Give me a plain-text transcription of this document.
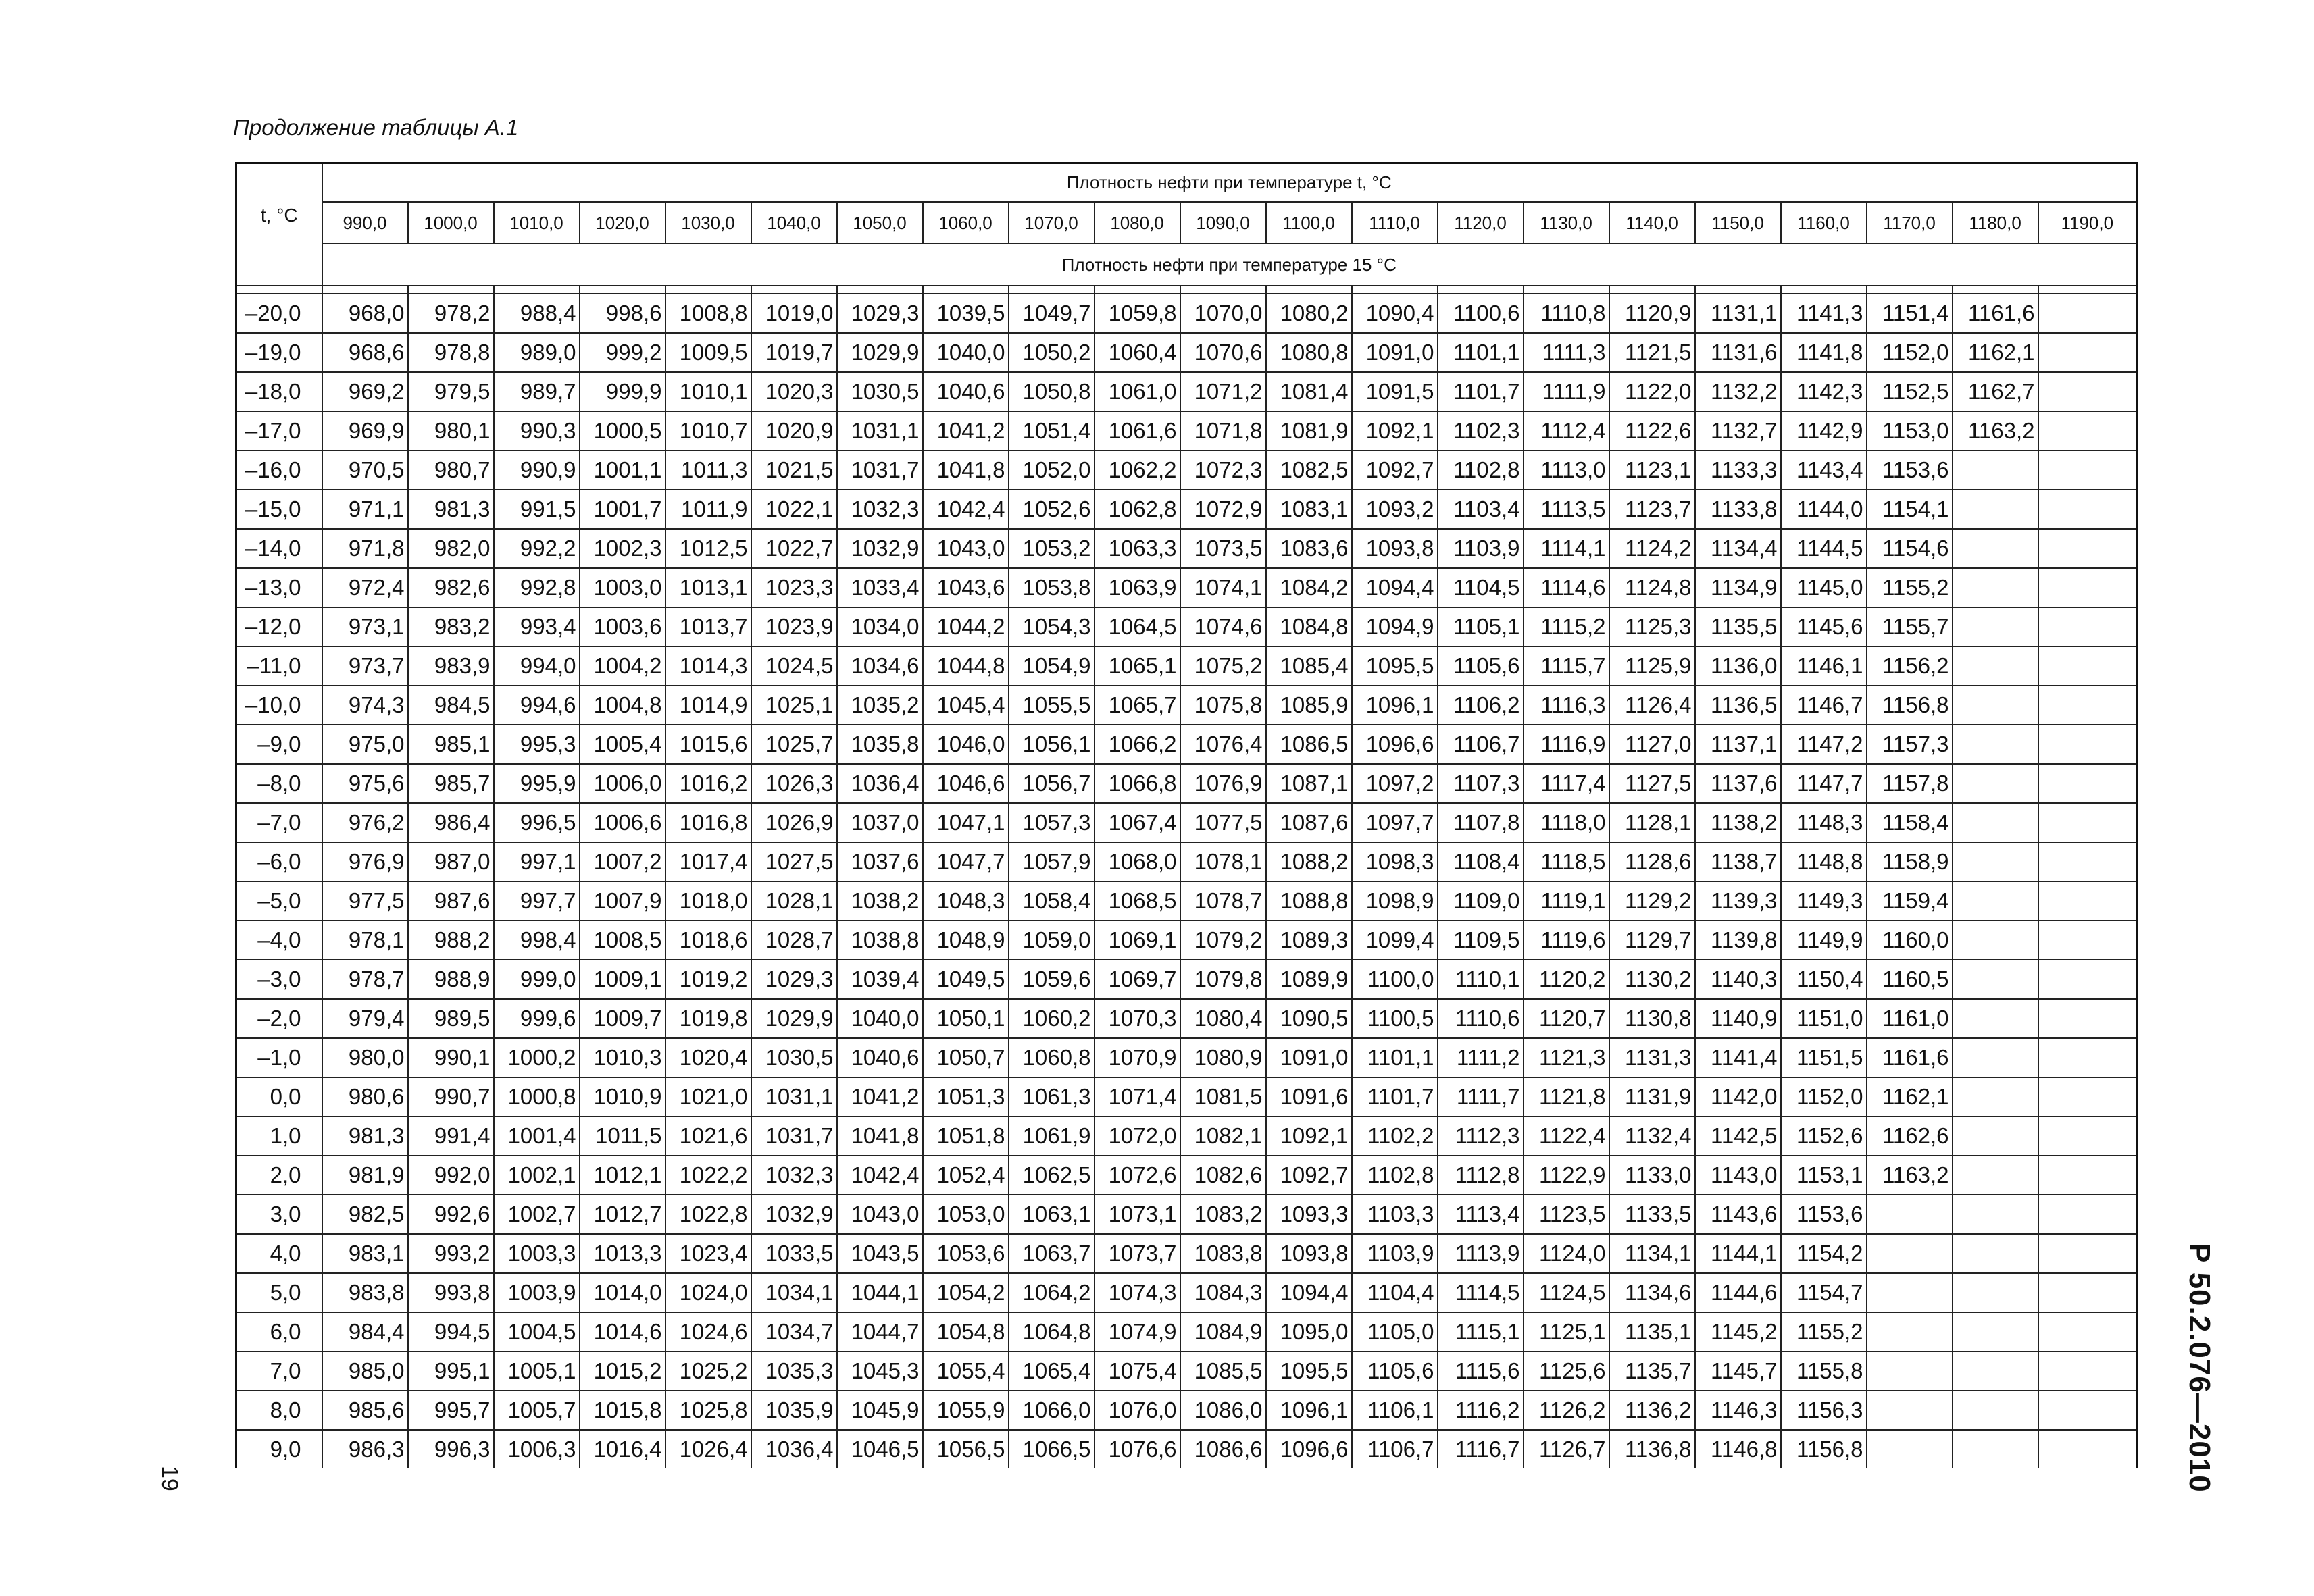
Продолжение таблицы А.1
t, °C	Плотность нефти при температуре t, °С																				
	990,0	1000,0	1010,0	1020,0	1030,0	1040,0	1050,0	1060,0	1070,0	1080,0	1090,0	1100,0	1110,0	1120,0	1130,0	1140,0	1150,0	1160,0	1170,0	1180,0	1190,0
	Плотность нефти при температуре 15 °С																				

–20,0	968,0	978,2	988,4	998,6	1008,8	1019,0	1029,3	1039,5	1049,7	1059,8	1070,0	1080,2	1090,4	1100,6	1110,8	1120,9	1131,1	1141,3	1151,4	1161,6	
–19,0	968,6	978,8	989,0	999,2	1009,5	1019,7	1029,9	1040,0	1050,2	1060,4	1070,6	1080,8	1091,0	1101,1	1111,3	1121,5	1131,6	1141,8	1152,0	1162,1	
–18,0	969,2	979,5	989,7	999,9	1010,1	1020,3	1030,5	1040,6	1050,8	1061,0	1071,2	1081,4	1091,5	1101,7	1111,9	1122,0	1132,2	1142,3	1152,5	1162,7	
–17,0	969,9	980,1	990,3	1000,5	1010,7	1020,9	1031,1	1041,2	1051,4	1061,6	1071,8	1081,9	1092,1	1102,3	1112,4	1122,6	1132,7	1142,9	1153,0	1163,2	
–16,0	970,5	980,7	990,9	1001,1	1011,3	1021,5	1031,7	1041,8	1052,0	1062,2	1072,3	1082,5	1092,7	1102,8	1113,0	1123,1	1133,3	1143,4	1153,6		
–15,0	971,1	981,3	991,5	1001,7	1011,9	1022,1	1032,3	1042,4	1052,6	1062,8	1072,9	1083,1	1093,2	1103,4	1113,5	1123,7	1133,8	1144,0	1154,1		
–14,0	971,8	982,0	992,2	1002,3	1012,5	1022,7	1032,9	1043,0	1053,2	1063,3	1073,5	1083,6	1093,8	1103,9	1114,1	1124,2	1134,4	1144,5	1154,6		
–13,0	972,4	982,6	992,8	1003,0	1013,1	1023,3	1033,4	1043,6	1053,8	1063,9	1074,1	1084,2	1094,4	1104,5	1114,6	1124,8	1134,9	1145,0	1155,2		
–12,0	973,1	983,2	993,4	1003,6	1013,7	1023,9	1034,0	1044,2	1054,3	1064,5	1074,6	1084,8	1094,9	1105,1	1115,2	1125,3	1135,5	1145,6	1155,7		
–11,0	973,7	983,9	994,0	1004,2	1014,3	1024,5	1034,6	1044,8	1054,9	1065,1	1075,2	1085,4	1095,5	1105,6	1115,7	1125,9	1136,0	1146,1	1156,2		
–10,0	974,3	984,5	994,6	1004,8	1014,9	1025,1	1035,2	1045,4	1055,5	1065,7	1075,8	1085,9	1096,1	1106,2	1116,3	1126,4	1136,5	1146,7	1156,8		
–9,0	975,0	985,1	995,3	1005,4	1015,6	1025,7	1035,8	1046,0	1056,1	1066,2	1076,4	1086,5	1096,6	1106,7	1116,9	1127,0	1137,1	1147,2	1157,3		
–8,0	975,6	985,7	995,9	1006,0	1016,2	1026,3	1036,4	1046,6	1056,7	1066,8	1076,9	1087,1	1097,2	1107,3	1117,4	1127,5	1137,6	1147,7	1157,8		
–7,0	976,2	986,4	996,5	1006,6	1016,8	1026,9	1037,0	1047,1	1057,3	1067,4	1077,5	1087,6	1097,7	1107,8	1118,0	1128,1	1138,2	1148,3	1158,4		
–6,0	976,9	987,0	997,1	1007,2	1017,4	1027,5	1037,6	1047,7	1057,9	1068,0	1078,1	1088,2	1098,3	1108,4	1118,5	1128,6	1138,7	1148,8	1158,9		
–5,0	977,5	987,6	997,7	1007,9	1018,0	1028,1	1038,2	1048,3	1058,4	1068,5	1078,7	1088,8	1098,9	1109,0	1119,1	1129,2	1139,3	1149,3	1159,4		
–4,0	978,1	988,2	998,4	1008,5	1018,6	1028,7	1038,8	1048,9	1059,0	1069,1	1079,2	1089,3	1099,4	1109,5	1119,6	1129,7	1139,8	1149,9	1160,0		
–3,0	978,7	988,9	999,0	1009,1	1019,2	1029,3	1039,4	1049,5	1059,6	1069,7	1079,8	1089,9	1100,0	1110,1	1120,2	1130,2	1140,3	1150,4	1160,5		
–2,0	979,4	989,5	999,6	1009,7	1019,8	1029,9	1040,0	1050,1	1060,2	1070,3	1080,4	1090,5	1100,5	1110,6	1120,7	1130,8	1140,9	1151,0	1161,0		
–1,0	980,0	990,1	1000,2	1010,3	1020,4	1030,5	1040,6	1050,7	1060,8	1070,9	1080,9	1091,0	1101,1	1111,2	1121,3	1131,3	1141,4	1151,5	1161,6		
0,0	980,6	990,7	1000,8	1010,9	1021,0	1031,1	1041,2	1051,3	1061,3	1071,4	1081,5	1091,6	1101,7	1111,7	1121,8	1131,9	1142,0	1152,0	1162,1		
1,0	981,3	991,4	1001,4	1011,5	1021,6	1031,7	1041,8	1051,8	1061,9	1072,0	1082,1	1092,1	1102,2	1112,3	1122,4	1132,4	1142,5	1152,6	1162,6		
2,0	981,9	992,0	1002,1	1012,1	1022,2	1032,3	1042,4	1052,4	1062,5	1072,6	1082,6	1092,7	1102,8	1112,8	1122,9	1133,0	1143,0	1153,1	1163,2		
3,0	982,5	992,6	1002,7	1012,7	1022,8	1032,9	1043,0	1053,0	1063,1	1073,1	1083,2	1093,3	1103,3	1113,4	1123,5	1133,5	1143,6	1153,6			
4,0	983,1	993,2	1003,3	1013,3	1023,4	1033,5	1043,5	1053,6	1063,7	1073,7	1083,8	1093,8	1103,9	1113,9	1124,0	1134,1	1144,1	1154,2			
5,0	983,8	993,8	1003,9	1014,0	1024,0	1034,1	1044,1	1054,2	1064,2	1074,3	1084,3	1094,4	1104,4	1114,5	1124,5	1134,6	1144,6	1154,7			
6,0	984,4	994,5	1004,5	1014,6	1024,6	1034,7	1044,7	1054,8	1064,8	1074,9	1084,9	1095,0	1105,0	1115,1	1125,1	1135,1	1145,2	1155,2			
7,0	985,0	995,1	1005,1	1015,2	1025,2	1035,3	1045,3	1055,4	1065,4	1075,4	1085,5	1095,5	1105,6	1115,6	1125,6	1135,7	1145,7	1155,8			
8,0	985,6	995,7	1005,7	1015,8	1025,8	1035,9	1045,9	1055,9	1066,0	1076,0	1086,0	1096,1	1106,1	1116,2	1126,2	1136,2	1146,3	1156,3			
9,0	986,3	996,3	1006,3	1016,4	1026,4	1036,4	1046,5	1056,5	1066,5	1076,6	1086,6	1096,6	1106,7	1116,7	1126,7	1136,8	1146,8	1156,8				Р 50.2.076—2010
19
